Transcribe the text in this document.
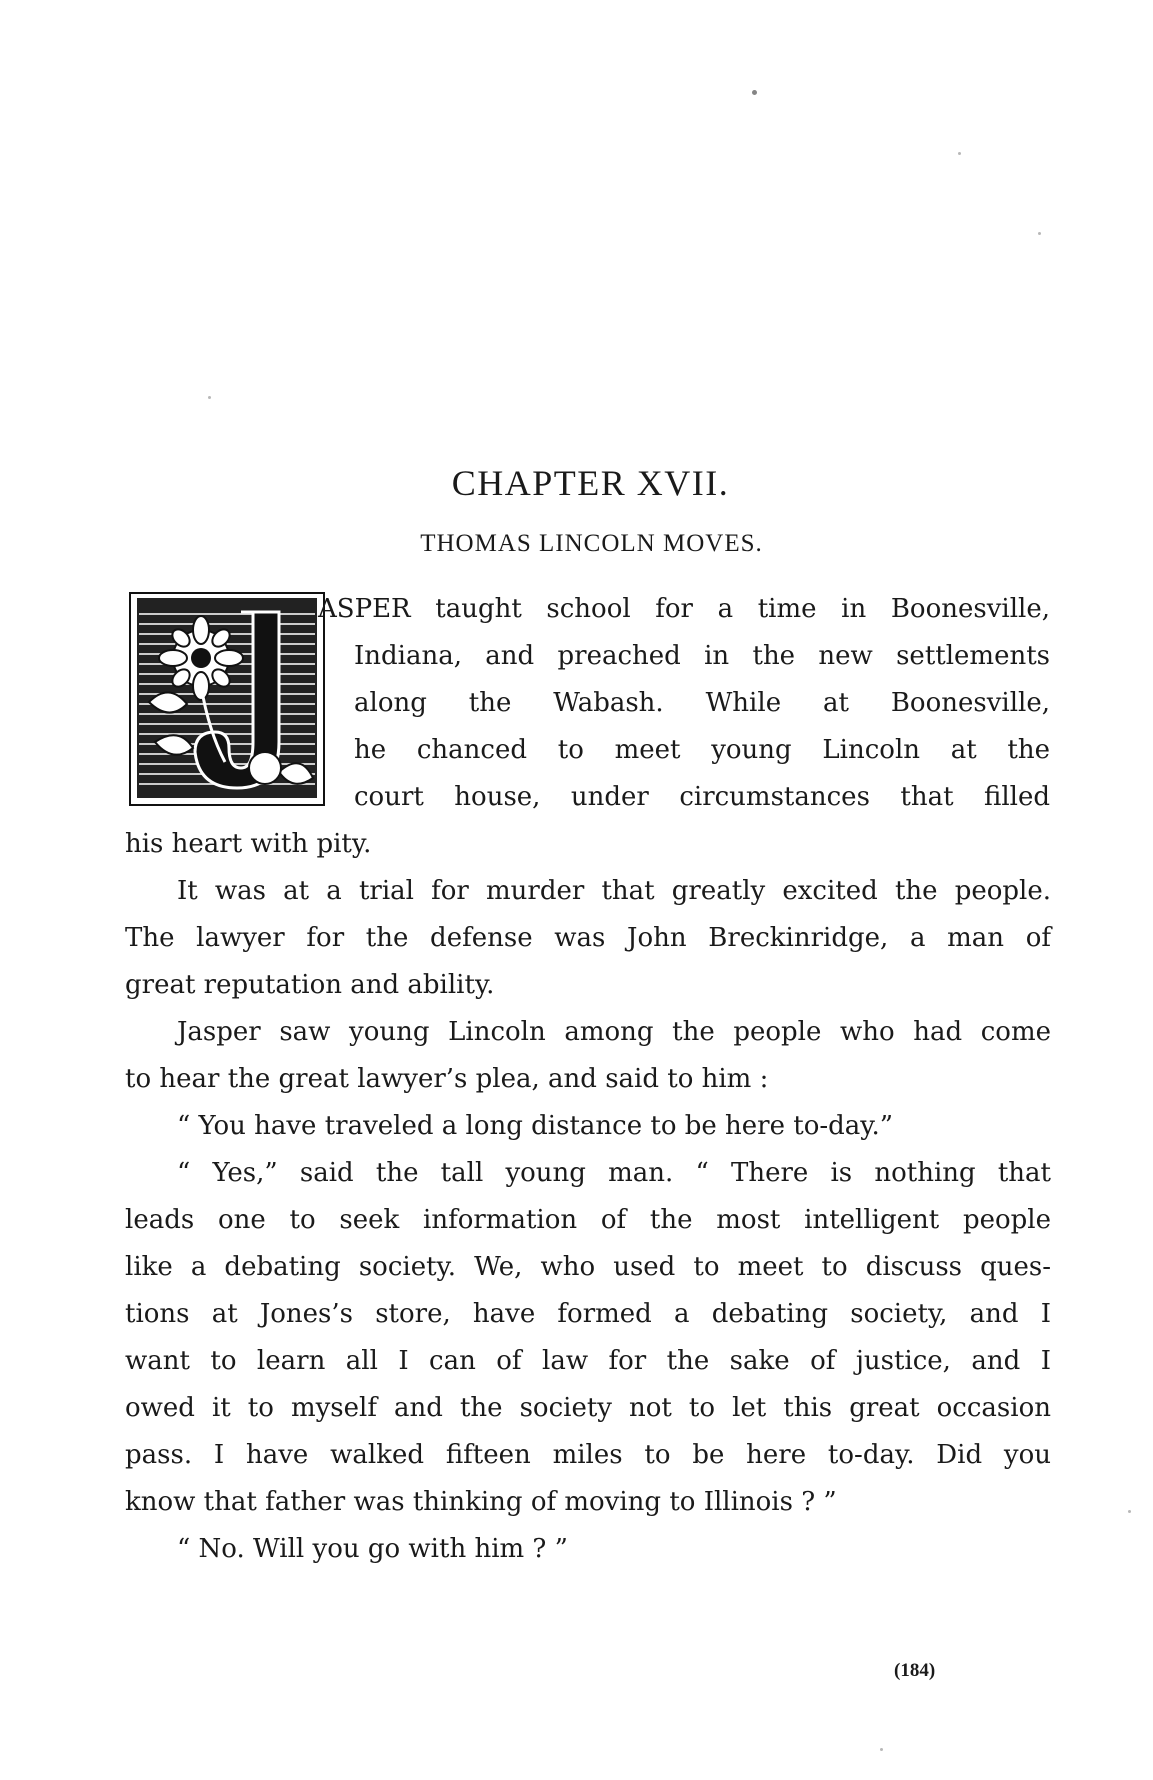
CHAPTER XVII.
THOMAS LINCOLN MOVES.
ASPER taught school for a time in Boonesville,
Indiana, and preached in the new settlements
along the Wabash. While at Boonesville,
he chanced to meet young Lincoln at the
court house, under circumstances that filled
his heart with pity.
It was at a trial for murder that greatly excited the people.
The lawyer for the defense was John Breckinridge, a man of
great reputation and ability.
Jasper saw young Lincoln among the people who had come
to hear the great lawyer’s plea, and said to him :
“ You have traveled a long distance to be here to-day.”
“ Yes,” said the tall young man. “ There is nothing that
leads one to seek information of the most intelligent people
like a debating society. We, who used to meet to discuss ques-
tions at Jones’s store, have formed a debating society, and I
want to learn all I can of law for the sake of justice, and I
owed it to myself and the society not to let this great occasion
pass. I have walked fifteen miles to be here to-day. Did you
know that father was thinking of moving to Illinois ? ”
“ No. Will you go with him ? ”
(184)
